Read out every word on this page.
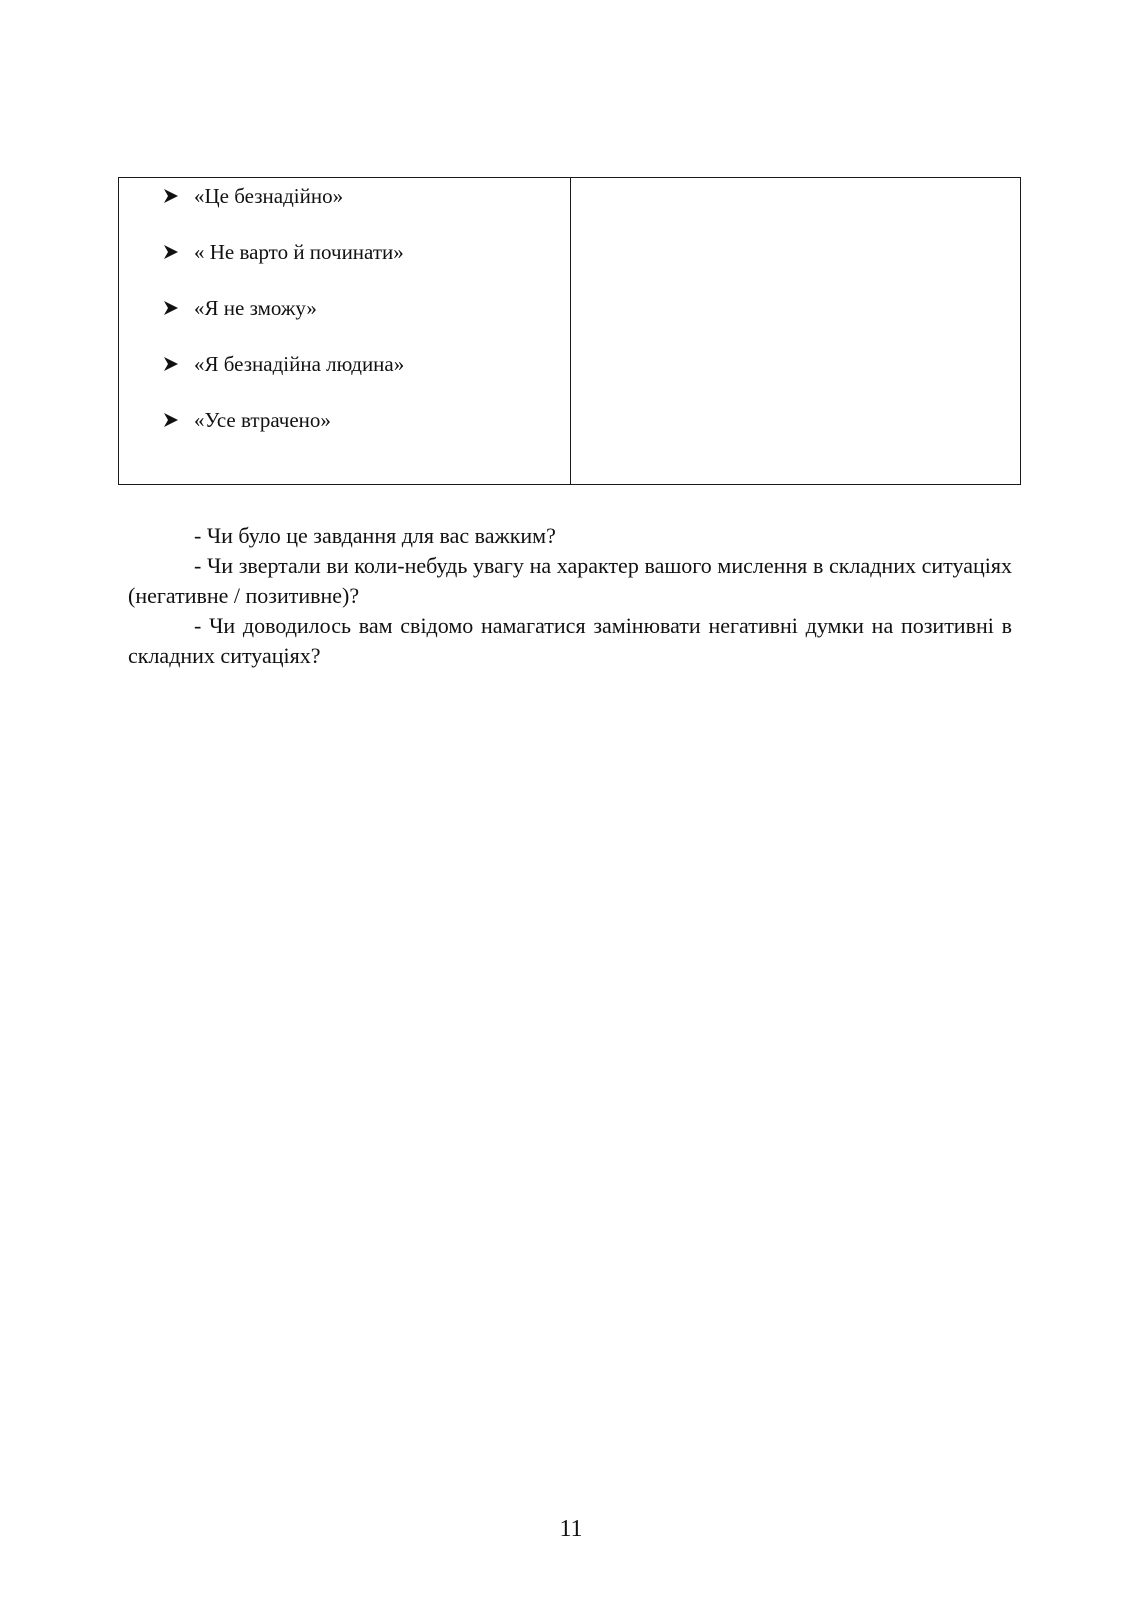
«Це безнадійно»
« Не варто й починати»
«Я не зможу»
«Я безнадійна людина»
«Усе втрачено»

- Чи було це завдання для вас важким?

- Чи звертали ви коли-небудь увагу на характер вашого мислення в складних ситуаціях (негативне / позитивне)?

- Чи доводилось вам свідомо намагатися замінювати негативні думки на позитивні в складних ситуаціях?

11
